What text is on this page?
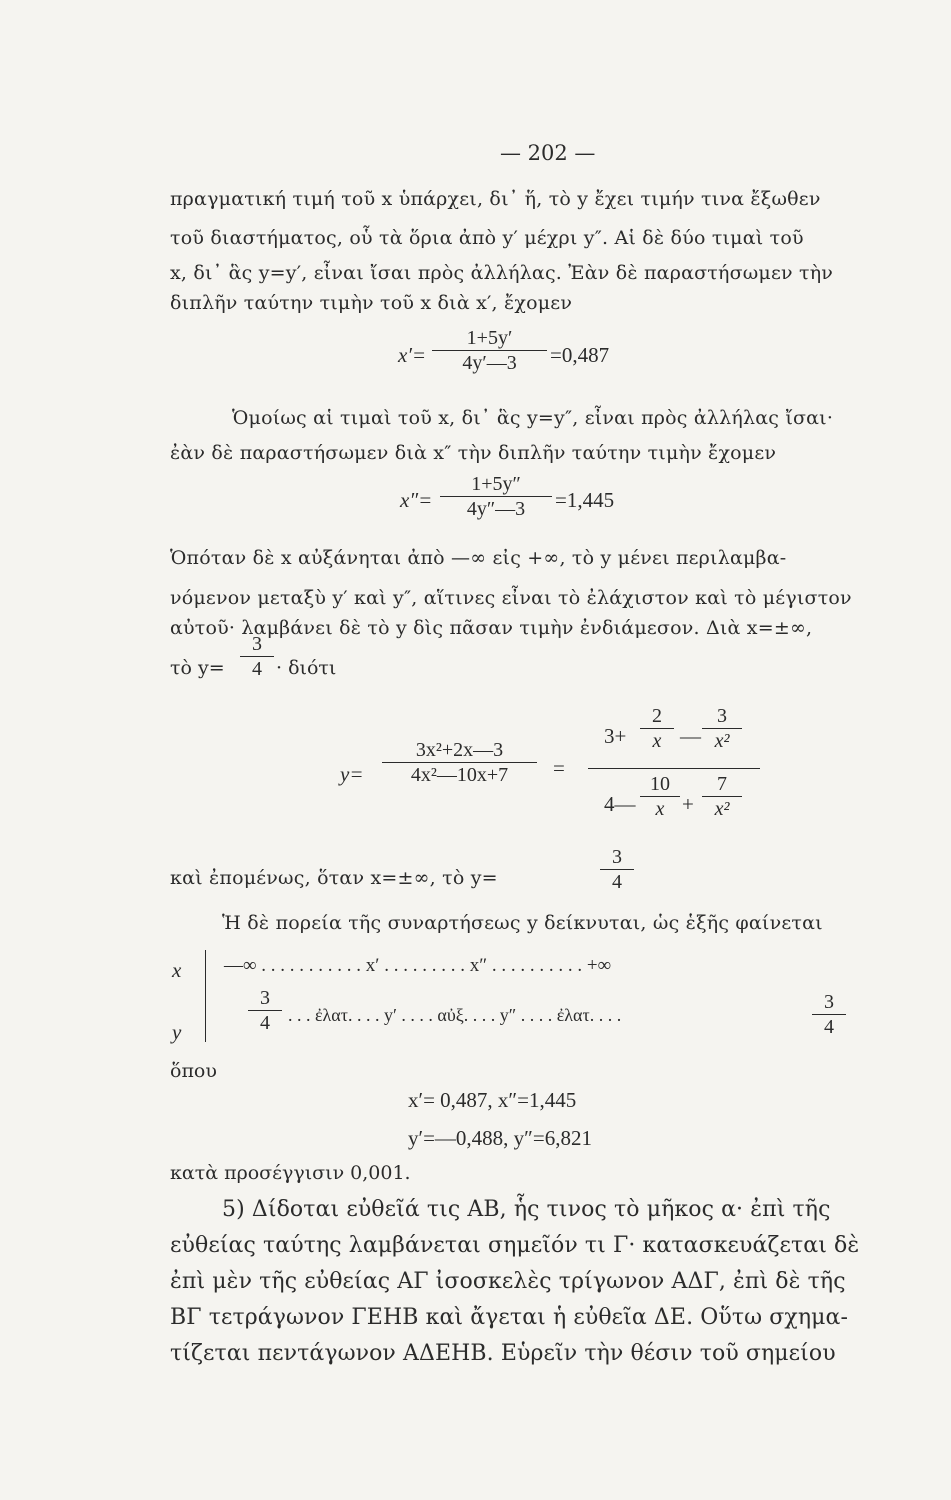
— 202 —
πραγματική τιμή τοῦ x ὑπάρχει, δι᾽ ἥ, τὸ y ἔχει τιμήν τινα ἔξωθεν
τοῦ διαστήματος, οὗ τὰ ὅρια ἀπὸ y′ μέχρι y″. Αἱ δὲ δύο τιμαὶ τοῦ
x, δι᾽ ἃς y=y′, εἶναι ἴσαι πρὸς ἀλλήλας. Ἐὰν δὲ παραστήσωμεν τὴν
διπλῆν ταύτην τιμὴν τοῦ x διὰ x′, ἔχομεν
x′=
1+5y′
4y′—3	=0,487
Ὁμοίως αἱ τιμαὶ τοῦ x, δι᾽ ἃς y=y″, εἶναι πρὸς ἀλλήλας ἴσαι·
ἐὰν δὲ παραστήσωμεν διὰ x″ τὴν διπλῆν ταύτην τιμὴν ἔχομεν
x″=
1+5y″
4y″—3	=1,445
Ὁπόταν δὲ x αὐξάνηται ἀπὸ —∞ εἰς +∞, τὸ y μένει περιλαμβα-
νόμενον μεταξὺ y′ καὶ y″, αἵτινες εἶναι τὸ ἐλάχιστον καὶ τὸ μέγιστον
αὐτοῦ· λαμβάνει δὲ τὸ y δὶς πᾶσαν τιμὴν ἐνδιάμεσον. Διὰ x=±∞,
τὸ y=
3
4 · διότι
y=
3x²+2x—3
4x²—10x+7	=
3+
2
x —
3
x²
4—
10
x +
7
x²
καὶ ἐπομένως, ὅταν x=±∞, τὸ y=
3
4
Ἡ δὲ πορεία τῆς συναρτήσεως y δείκνυται, ὡς ἑξῆς φαίνεται
x
y
—∞ . . . . . . . . . . . x′ . . . . . . . . . x″ . . . . . . . . . . +∞
3
4	. . . ἐλατ. . . . y′ . . . . αὐξ. . . . y″ . . . . ἐλατ. . . .
3
4
ὅπου
x′= 0,487, x″=1,445
y′=—0,488, y″=6,821
κατὰ προσέγγισιν 0,001.
5) Δίδοται εὐθεῖά τις ΑΒ, ἧς τινος τὸ μῆκος α· ἐπὶ τῆς
εὐθείας ταύτης λαμβάνεται σημεῖόν τι Γ· κατασκευάζεται δὲ
ἐπὶ μὲν τῆς εὐθείας ΑΓ ἰσοσκελὲς τρίγωνον ΑΔΓ, ἐπὶ δὲ τῆς
ΒΓ τετράγωνον ΓΕΗΒ καὶ ἄγεται ἡ εὐθεῖα ΔΕ. Οὕτω σχημα-
τίζεται πεντάγωνον ΑΔΕΗΒ. Εὑρεῖν τὴν θέσιν τοῦ σημείου
